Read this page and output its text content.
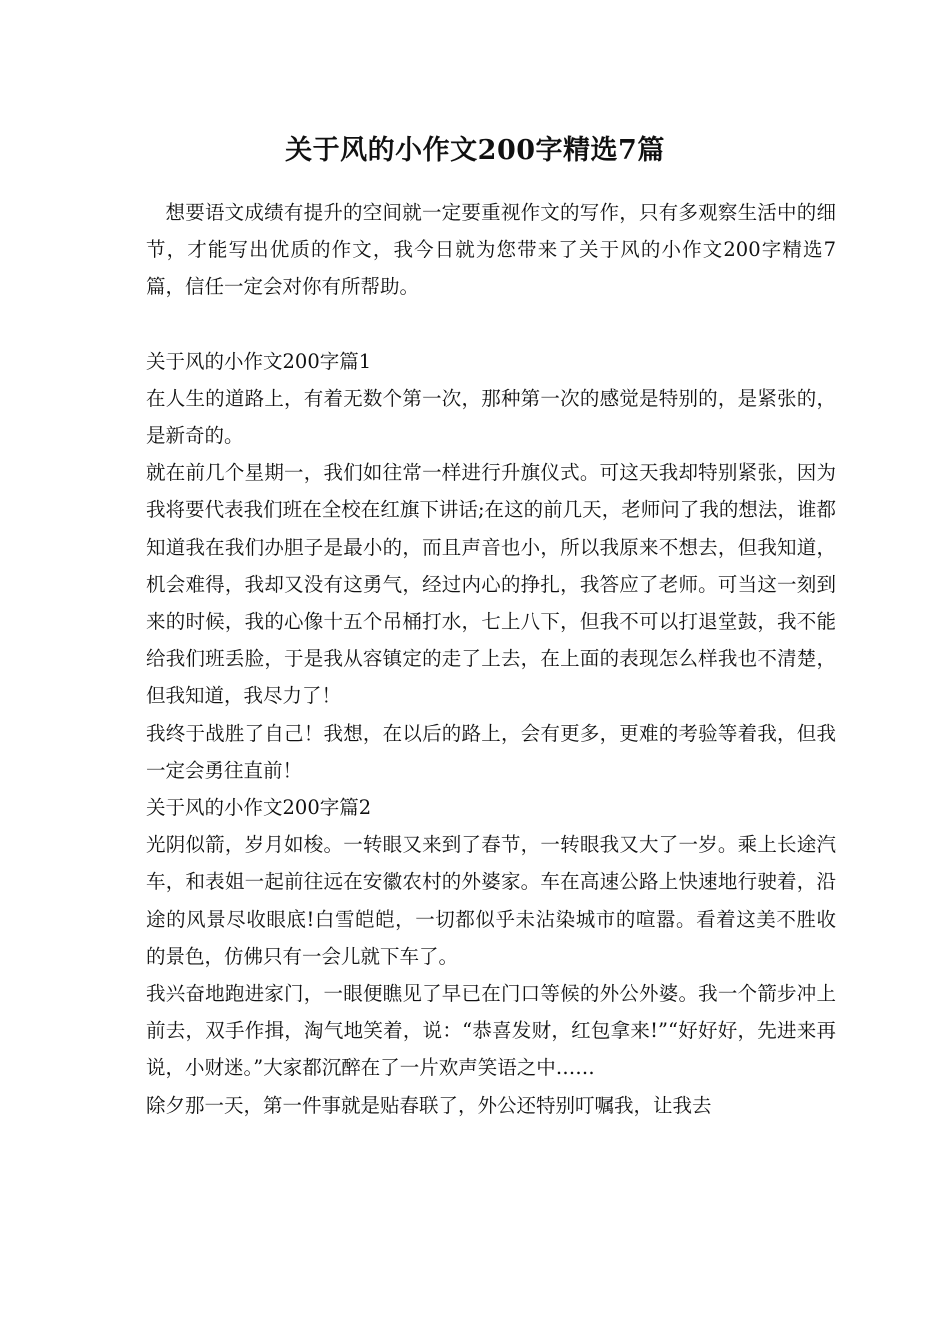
关于风的小作文200字精选7篇

想要语文成绩有提升的空间就一定要重视作文的写作，只有多观察生活中的细节，才能写出优质的作文，我今日就为您带来了关于风的小作文200字精选7篇，信任一定会对你有所帮助。

关于风的小作文200字篇1

在人生的道路上，有着无数个第一次，那种第一次的感觉是特别的，是紧张的，是新奇的。

就在前几个星期一，我们如往常一样进行升旗仪式。可这天我却特别紧张，因为我将要代表我们班在全校在红旗下讲话;在这的前几天，老师问了我的想法，谁都知道我在我们办胆子是最小的，而且声音也小，所以我原来不想去，但我知道，机会难得，我却又没有这勇气，经过内心的挣扎，我答应了老师。可当这一刻到来的时候，我的心像十五个吊桶打水，七上八下，但我不可以打退堂鼓，我不能给我们班丢脸，于是我从容镇定的走了上去，在上面的表现怎么样我也不清楚，但我知道，我尽力了！

我终于战胜了自己！我想，在以后的路上，会有更多，更难的考验等着我，但我一定会勇往直前！

关于风的小作文200字篇2

光阴似箭，岁月如梭。一转眼又来到了春节，一转眼我又大了一岁。乘上长途汽车，和表姐一起前往远在安徽农村的外婆家。车在高速公路上快速地行驶着，沿途的风景尽收眼底!白雪皑皑，一切都似乎未沾染城市的喧嚣。看着这美不胜收的景色，仿佛只有一会儿就下车了。

我兴奋地跑进家门，一眼便瞧见了早已在门口等候的外公外婆。我一个箭步冲上前去，双手作揖，淘气地笑着，说：“恭喜发财，红包拿来!”“好好好，先进来再说，小财迷。”大家都沉醉在了一片欢声笑语之中……

除夕那一天，第一件事就是贴春联了，外公还特别叮嘱我，让我去
